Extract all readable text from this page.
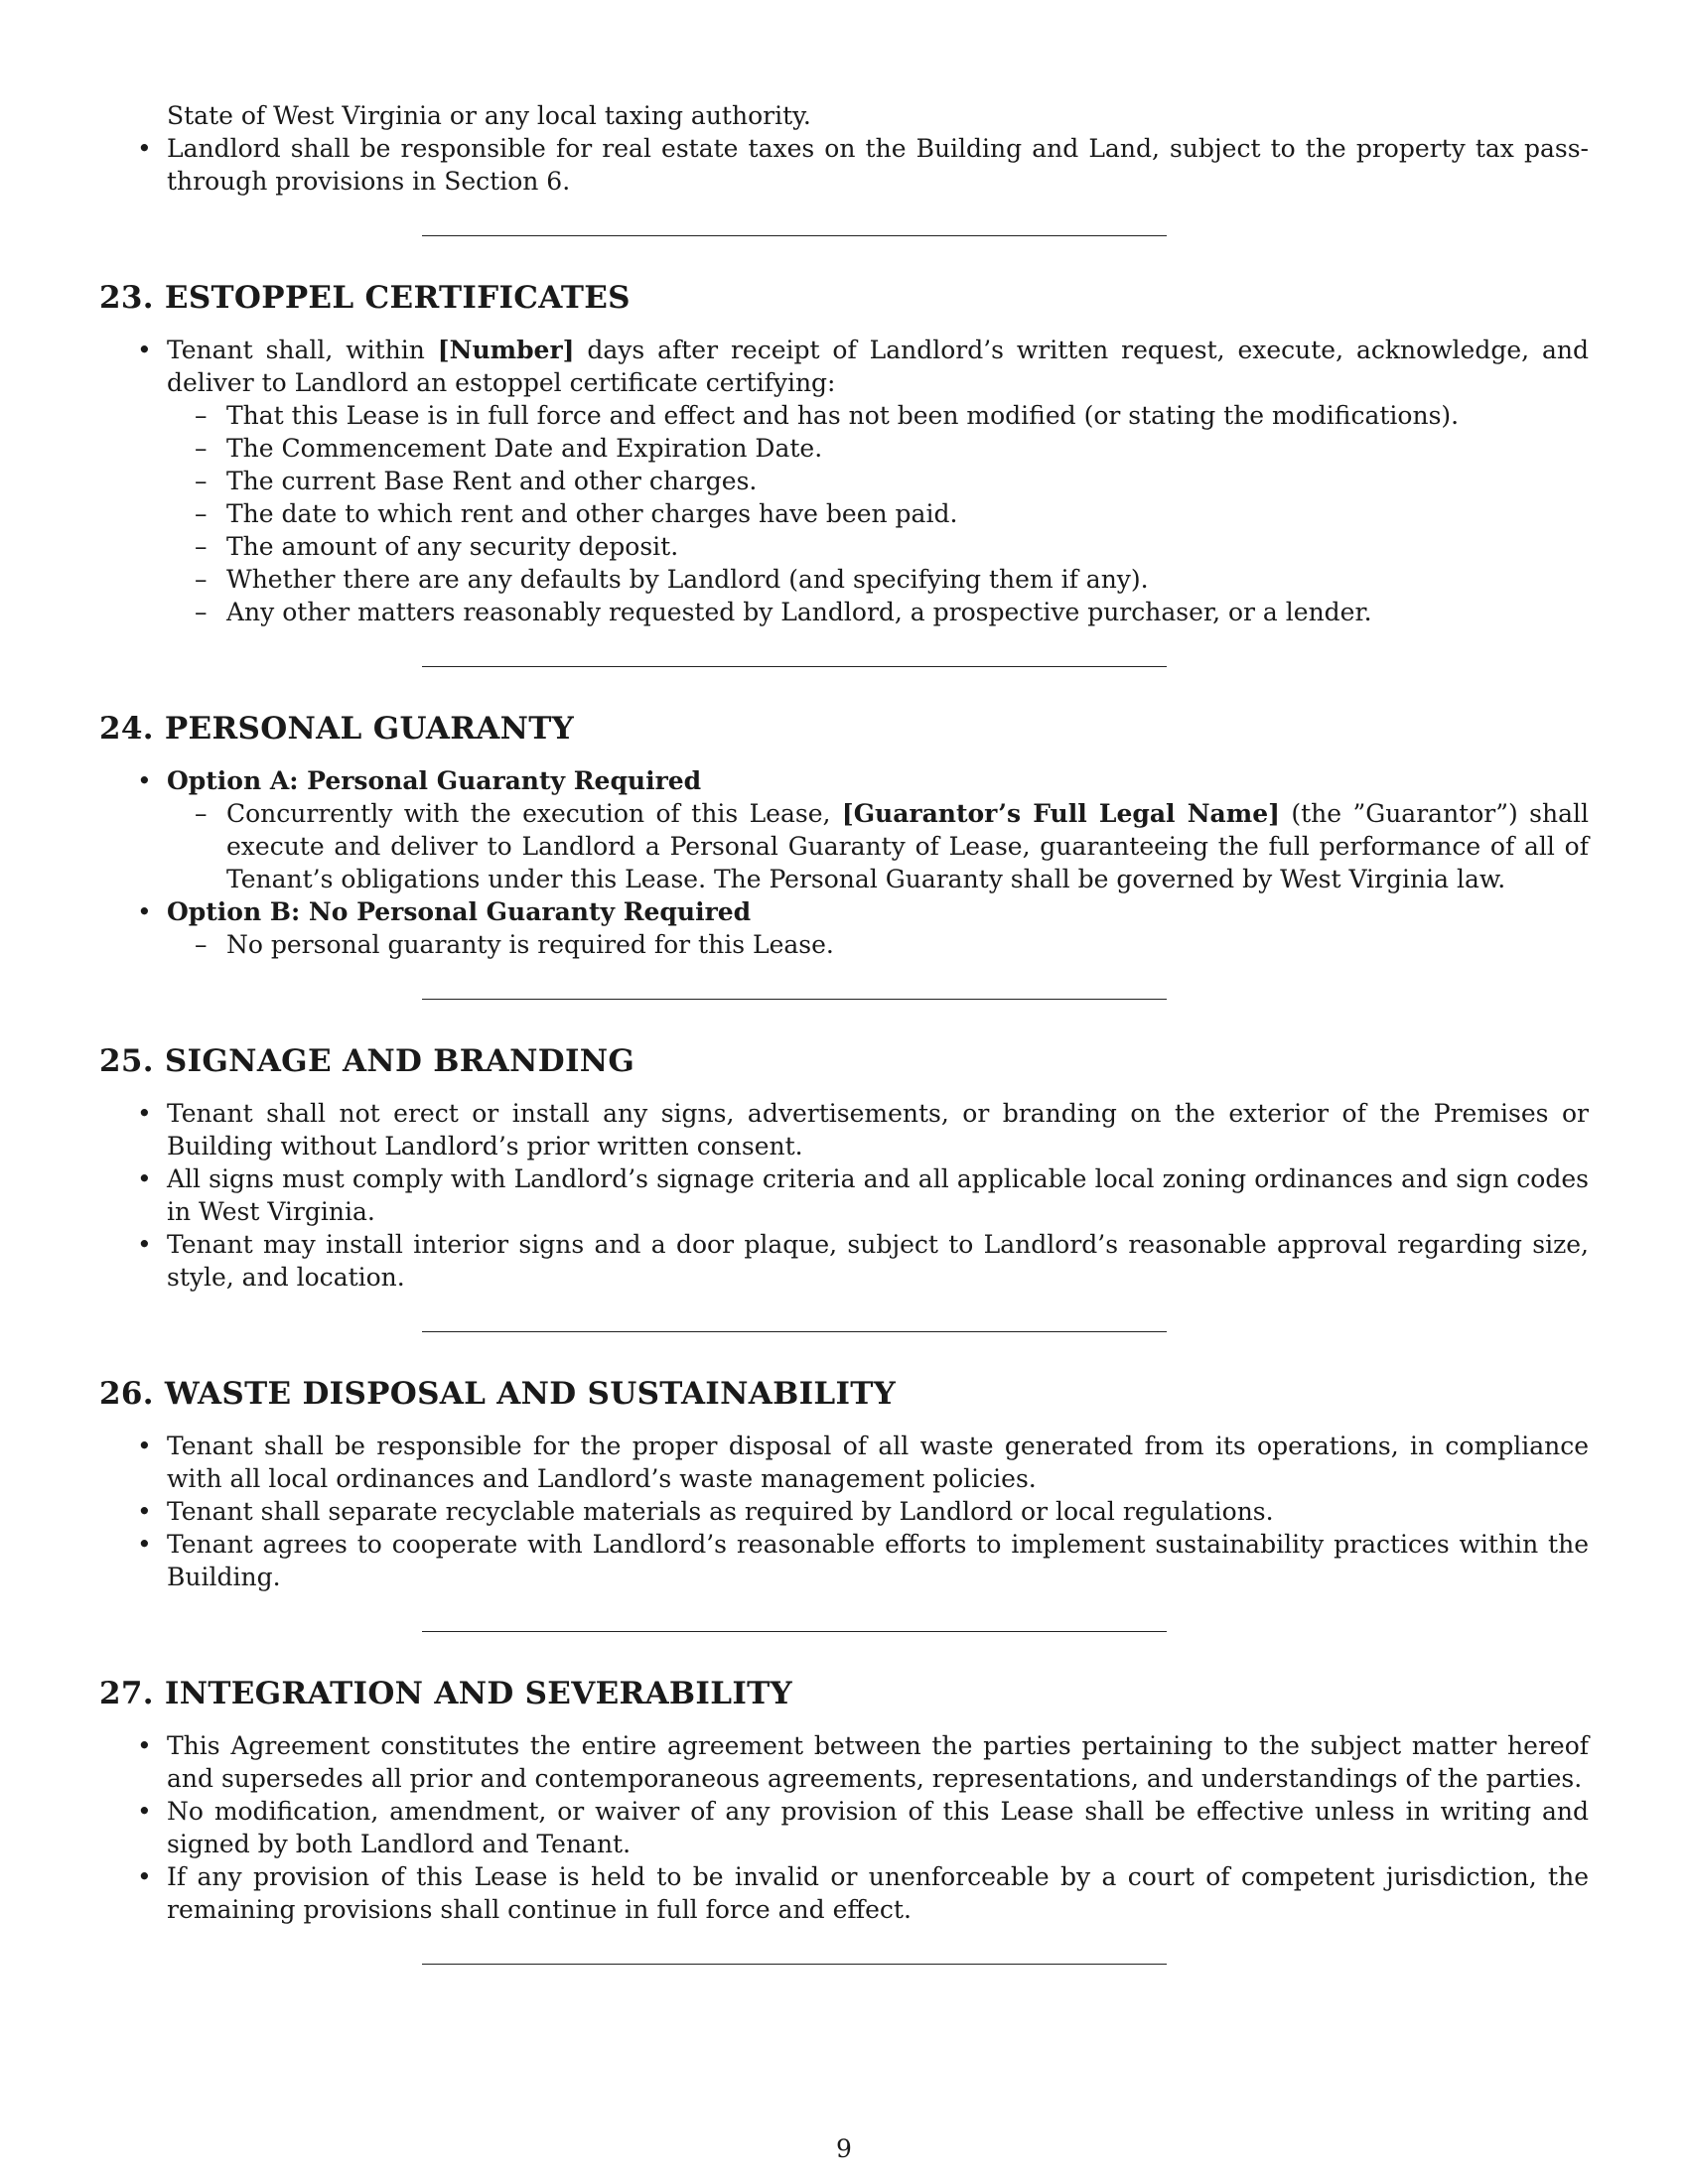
State of West Virginia or any local taxing authority.
• Landlord shall be responsible for real estate taxes on the Building and Land, subject to the property tax pass-through provisions in Section 6.
23. ESTOPPEL CERTIFICATES
• Tenant shall, within [Number] days after receipt of Landlord’s written request, execute, acknowledge, and deliver to Landlord an estoppel certificate certifying:
– That this Lease is in full force and effect and has not been modified (or stating the modifications).
– The Commencement Date and Expiration Date.
– The current Base Rent and other charges.
– The date to which rent and other charges have been paid.
– The amount of any security deposit.
– Whether there are any defaults by Landlord (and specifying them if any).
– Any other matters reasonably requested by Landlord, a prospective purchaser, or a lender.
24. PERSONAL GUARANTY
• Option A: Personal Guaranty Required
– Concurrently with the execution of this Lease, [Guarantor’s Full Legal Name] (the ”Guarantor”) shall execute and deliver to Landlord a Personal Guaranty of Lease, guaranteeing the full performance of all of Tenant’s obligations under this Lease. The Personal Guaranty shall be governed by West Virginia law.
• Option B: No Personal Guaranty Required
– No personal guaranty is required for this Lease.
25. SIGNAGE AND BRANDING
• Tenant shall not erect or install any signs, advertisements, or branding on the exterior of the Premises or Building without Landlord’s prior written consent.
• All signs must comply with Landlord’s signage criteria and all applicable local zoning ordinances and sign codes in West Virginia.
• Tenant may install interior signs and a door plaque, subject to Landlord’s reasonable approval regarding size, style, and location.
26. WASTE DISPOSAL AND SUSTAINABILITY
• Tenant shall be responsible for the proper disposal of all waste generated from its operations, in compliance with all local ordinances and Landlord’s waste management policies.
• Tenant shall separate recyclable materials as required by Landlord or local regulations.
• Tenant agrees to cooperate with Landlord’s reasonable efforts to implement sustainability practices within the Building.
27. INTEGRATION AND SEVERABILITY
• This Agreement constitutes the entire agreement between the parties pertaining to the subject matter hereof and supersedes all prior and contemporaneous agreements, representations, and understandings of the parties.
• No modification, amendment, or waiver of any provision of this Lease shall be effective unless in writing and signed by both Landlord and Tenant.
• If any provision of this Lease is held to be invalid or unenforceable by a court of competent jurisdiction, the remaining provisions shall continue in full force and effect.
9
